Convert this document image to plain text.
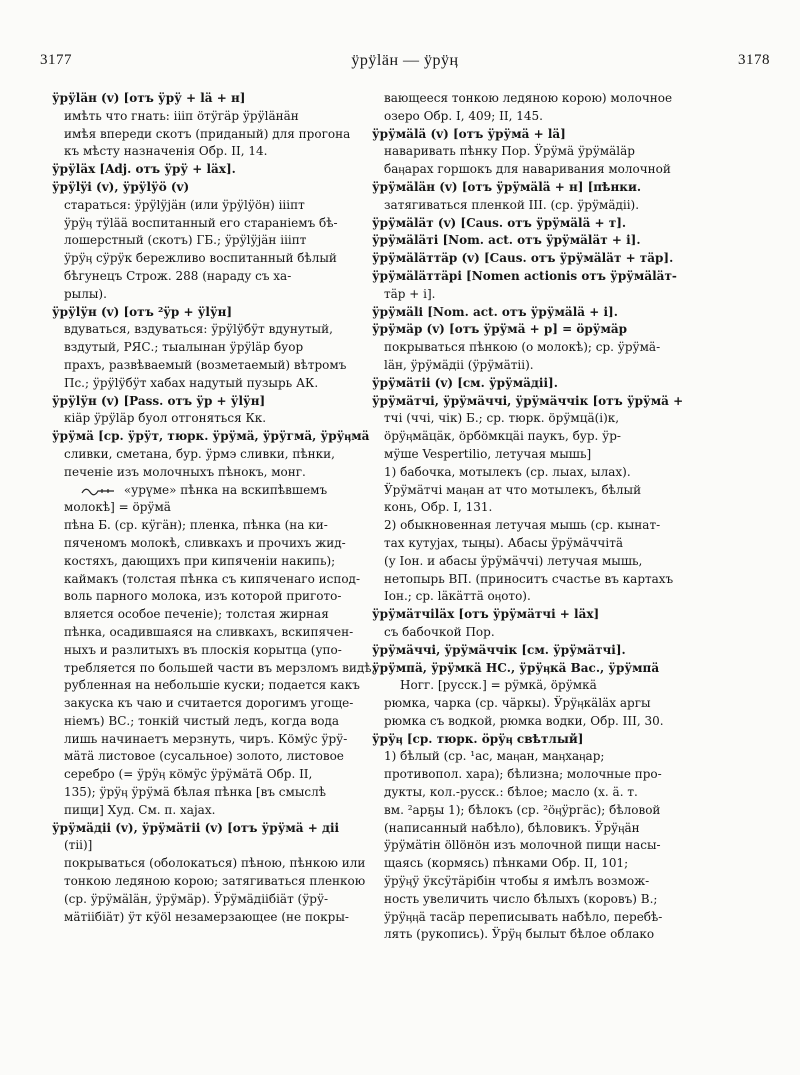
3177	ӱрӱlӓн — ӱрӱӊ	3178
ӱрӱlӓн (v) [отъ ӱрӱ + lӓ + н]
имѣть что гнать: iiiп öтӱгӓр ӱрӱlӓнӓн
имѣя впереди скотъ (приданый) для прогона
къ мѣсту назначенія Обр. II, 14.
ӱрӱlӓх [Adj. отъ ӱрӱ + lӓх].
ӱрӱlÿi (v), ӱрӱlӱö (v)
стараться: ӱрӱlӱjӓн (или ӱрӱlӱöн) iiiпт
ӱрӱӊ тӱlӓӓ воспитанный его стараніемъ бѣ-
лошерстный (скотъ) ГБ.; ӱрӱlӱjӓн iiiпт
ӱрӱӊ сӱрӱк бережливо воспитанный бѣлый
бѣгунецъ Строж. 288 (нараду съ ха-
рылы).
ӱрӱlӱн (v) [отъ ²ӱр + ӱlӱн]
вдуваться, вздуваться: ӱрӱlӱбӱт вдунутый,
вздутый, РЯС.; тыалынан ӱрӱlӓр буор
прахъ, развѣваемый (возметаемый) вѣтромъ
Пс.; ӱрӱlӱбӱт хабах надутый пузырь АК.
ӱрӱlӱн (v) [Pass. отъ ӱр + ӱlӱн]
кiӓр ӱрӱlӓр буол отгоняться Кк.
ӱрӱмӓ [ср. ӱрӱт, тюрк. ӱрӱмӓ, ӱрӱгмӓ, ӱрӱӊмӓ
сливки, сметана, бур. ӱрмэ сливки, пѣнки,
печеніе изъ молочныхъ пѣнокъ, монг.
«урүме» пѣнка на вскипѣвшемъ
молокѣ] = öрӱмӓ
пѣна Б. (ср. кӱгӓн); пленка, пѣнка (на ки-
пяченомъ молокѣ, сливкахъ и прочихъ жид-
костяхъ, дающихъ при кипяченіи накипь);
каймакъ (толстая пѣнка съ кипяченаго испод-
воль парного молока, изъ которой пригото-
вляется особое печеніе); толстая жирная
пѣнка, осадившаяся на сливкахъ, вскипячен-
ныхъ и разлитыхъ въ плоскія корытца (упо-
требляется по большей части въ мерзломъ видѣ,
рубленная на небольшіе куски; подается какъ
закуска къ чаю и считается дорогимъ угоще-
ніемъ) ВС.; тонкій чистый ледъ, когда вода
лишь начинаетъ мерзнуть, чиръ. Кöмӱс ӱрӱ-
мӓтӓ листовое (сусальное) золото, листовое
серебро (= ӱрӱӊ кöмӱс ӱрӱмӓтӓ Обр. II,
135); ӱрӱӊ ӱрӱмӓ бѣлая пѣнка [въ смыслѣ
пищи] Худ. См. п. хајах.
ӱрӱмӓдii (v), ӱрӱмӓтii (v) [отъ ӱрӱмӓ + дii
(тii)]
покрываться (оболокаться) пѣною, пѣнкою или
тонкою ледяною корою; затягиваться пленкою
(ср. ӱрӱмӓlӓн, ӱрӱмӓр). Ӱрӱмӓдiiбiӓт (ӱрӱ-
мӓтiiбiӓт) ӱт кӱöl незамерзающее (не покры-
вающееся тонкою ледяною корою) молочное
озеро Обр. I, 409; II, 145.
ӱрӱмӓlӓ (v) [отъ ӱрӱмӓ + lӓ]
наваривать пѣнку Пор. Ӱрӱмӓ ӱрӱмӓlӓр
баӊарах горшокъ для наваривания молочной
ӱрӱмӓlӓн (v) [отъ ӱрӱмӓlӓ + н] [пѣнки.
затягиваться пленкой III. (ср. ӱрӱмӓдii).
ӱрӱмӓlӓт (v) [Caus. отъ ӱрӱмӓlӓ + т].
ӱрӱмӓlӓтi [Nom. act. отъ ӱрӱмӓlӓт + i].
ӱрӱмӓlӓттӓр (v) [Caus. отъ ӱрӱмӓlӓт + тӓр].
ӱрӱмӓlӓттӓрi [Nomen actionis отъ ӱрӱмӓlӓт-
тӓр + i].
ӱрӱмӓlі [Nom. act. отъ ӱрӱмӓlӓ + i].
ӱрӱмӓр (v) [отъ ӱрӱмӓ + р] = öрӱмӓр
покрываться пѣнкою (о молокѣ); ср. ӱрӱмӓ-
lӓн, ӱрӱмӓдii (ӱрӱмӓтii).
ӱрӱмӓтii (v) [см. ӱрӱмӓдii].
ӱрӱмӓтчi, ӱрӱмӓччi, ӱрӱмӓччiк [отъ ӱрӱмӓ +
тчi (ччi, чiк) Б.; ср. тюрк. öрӱмцӓ(i)к,
öрӱӊмӓцӓк, öрбöмкцӓi паукъ, бур. ӱр-
мӱше Vespertilio, летучая мышь]
1) бабочка, мотылекъ (ср. лыах, ылах).
Ӱрӱмӓтчi маӊан ат что мотылекъ, бѣлый
конь, Обр. I, 131.
2) обыкновенная летучая мышь (ср. кынат-
тах кутујах, тыңы). Абасы ӱрӱмӓччiтӓ
(у Іон. и абасы ӱрӱмӓччi) летучая мышь,
нетопырь ВП. (приноситъ счастье въ картахъ
Іон.; ср. lӓкӓттӓ оӊото).
ӱрӱмӓтчilӓх [отъ ӱрӱмӓтчi + lӓх]
съ бабочкой Пор.
ӱрӱмӓччi, ӱрӱмӓччiк [см. ӱрӱмӓтчi].
ӱрӱмпӓ, ӱрӱмкӓ НС., ӱрӱӊкӓ Вас., ӱрӱмпӓ
Ногг. [русск.] = рӱмкӓ, öрӱмкӓ
рюмка, чарка (ср. чӓркы). Ӱрӱӊкӓlӓх аргы
рюмка съ водкой, рюмка водки, Обр. III, 30.
ӱрӱӊ [ср. тюрк. öрӱӊ свѣтлый]
1) бѣлый (ср. ¹ас, маӊан, маӊхаӊар;
противопол. хара); бѣлизна; молочные про-
дукты, кол.-русск.: бѣлое; масло (х. ӓ. т.
вм. ²арҕы 1); бѣлокъ (ср. ²öӊӱргӓс); бѣловой
(написанный набѣло), бѣловикъ. Ӱрӱӊӓн
ӱрӱмӓтiн öllöнöн изъ молочной пищи насы-
щаясь (кормясь) пѣнками Обр. II, 101;
ӱрӱӊӱ ӱксӱтӓрiбiн чтобы я имѣлъ возмож-
ность увеличить число бѣлыхъ (коровъ) В.;
ӱрӱӊӊӓ тасӓр переписывать набѣло, перебѣ-
лять (рукопись). Ӱрӱӊ былыт бѣлое облако
